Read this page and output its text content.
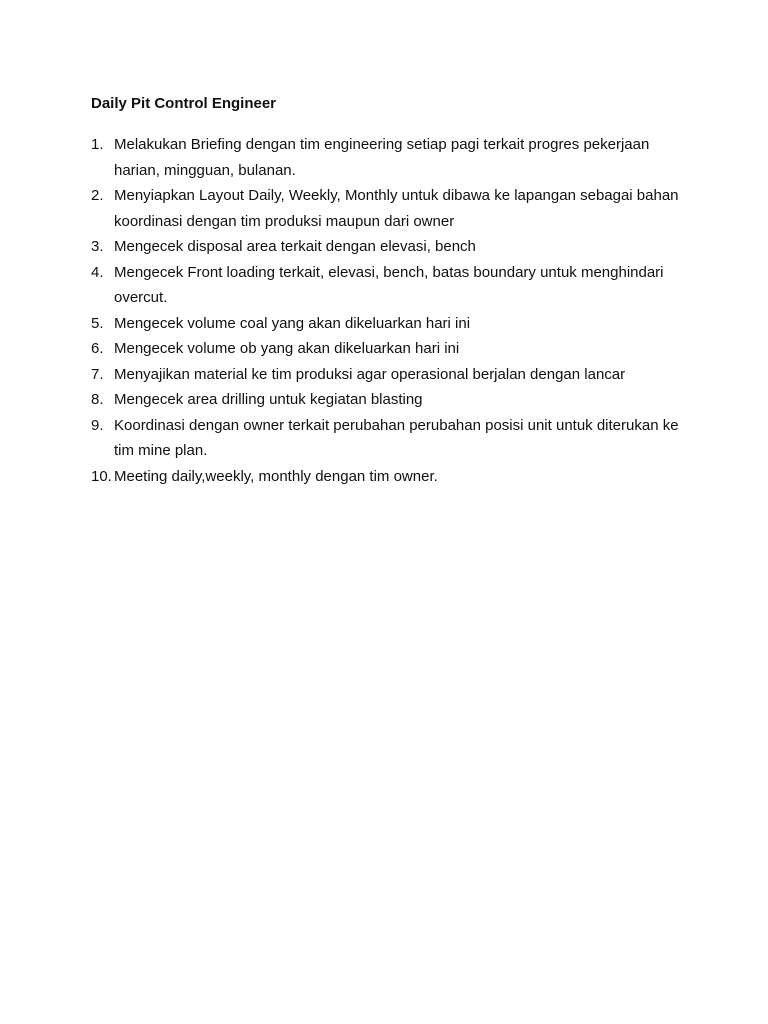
Daily Pit Control Engineer
1. Melakukan Briefing dengan tim engineering setiap pagi terkait progres pekerjaan harian, mingguan, bulanan.
2. Menyiapkan Layout Daily, Weekly, Monthly untuk dibawa ke lapangan sebagai bahan koordinasi dengan tim produksi maupun dari owner
3. Mengecek disposal area terkait dengan elevasi, bench
4. Mengecek Front loading terkait, elevasi, bench, batas boundary untuk menghindari overcut.
5. Mengecek volume coal yang akan dikeluarkan hari ini
6. Mengecek volume ob yang akan dikeluarkan hari ini
7. Menyajikan material ke tim produksi agar operasional berjalan dengan lancar
8. Mengecek area drilling untuk kegiatan blasting
9. Koordinasi dengan owner terkait perubahan perubahan posisi unit untuk diterukan ke tim mine plan.
10. Meeting daily,weekly, monthly dengan tim owner.
